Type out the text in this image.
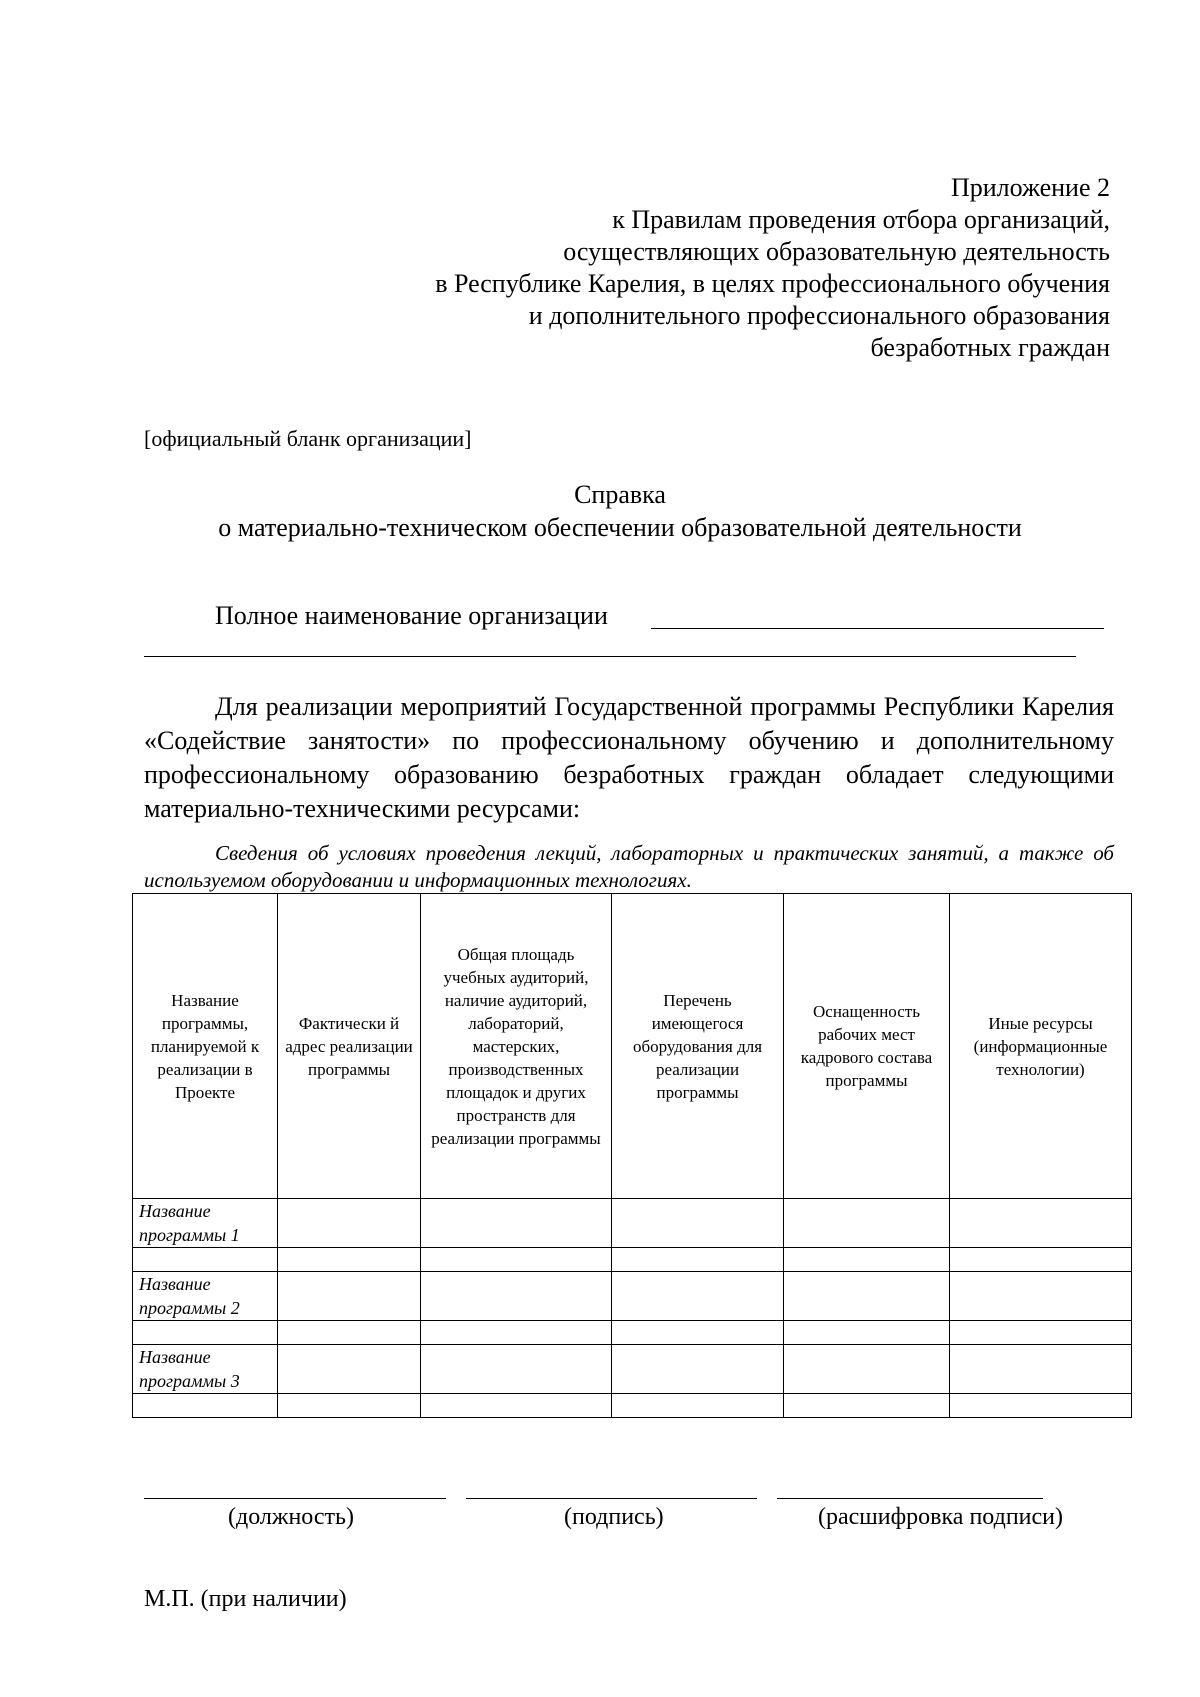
Приложение 2
к Правилам проведения отбора организаций,
осуществляющих образовательную деятельность
в Республике Карелия, в целях профессионального обучения
и дополнительного профессионального образования
безработных граждан
[официальный бланк организации]
Справка
о материально-техническом обеспечении образовательной деятельности
Полное наименование организации
Для реализации мероприятий Государственной программы Республики Карелия «Содействие занятости» по профессиональному обучению и дополнительному профессиональному образованию безработных граждан обладает следующими материально-техническими ресурсами:
Сведения об условиях проведения лекций, лабораторных и практических занятий, а также об используемом оборудовании и информационных технологиях.
Название программы, планируемой к реализации в Проекте	Фактически й адрес реализации программы	Общая площадь учебных аудиторий, наличие аудиторий, лабораторий, мастерских, производственных площадок и других пространств для реализации программы	Перечень имеющегося оборудования для реализации программы	Оснащенность рабочих мест кадрового состава программы	Иные ресурсы (информационные технологии)
Название программы 1					

Название программы 2					

Название программы 3					

(должность)	(подпись)	(расшифровка подписи)
М.П. (при наличии)
